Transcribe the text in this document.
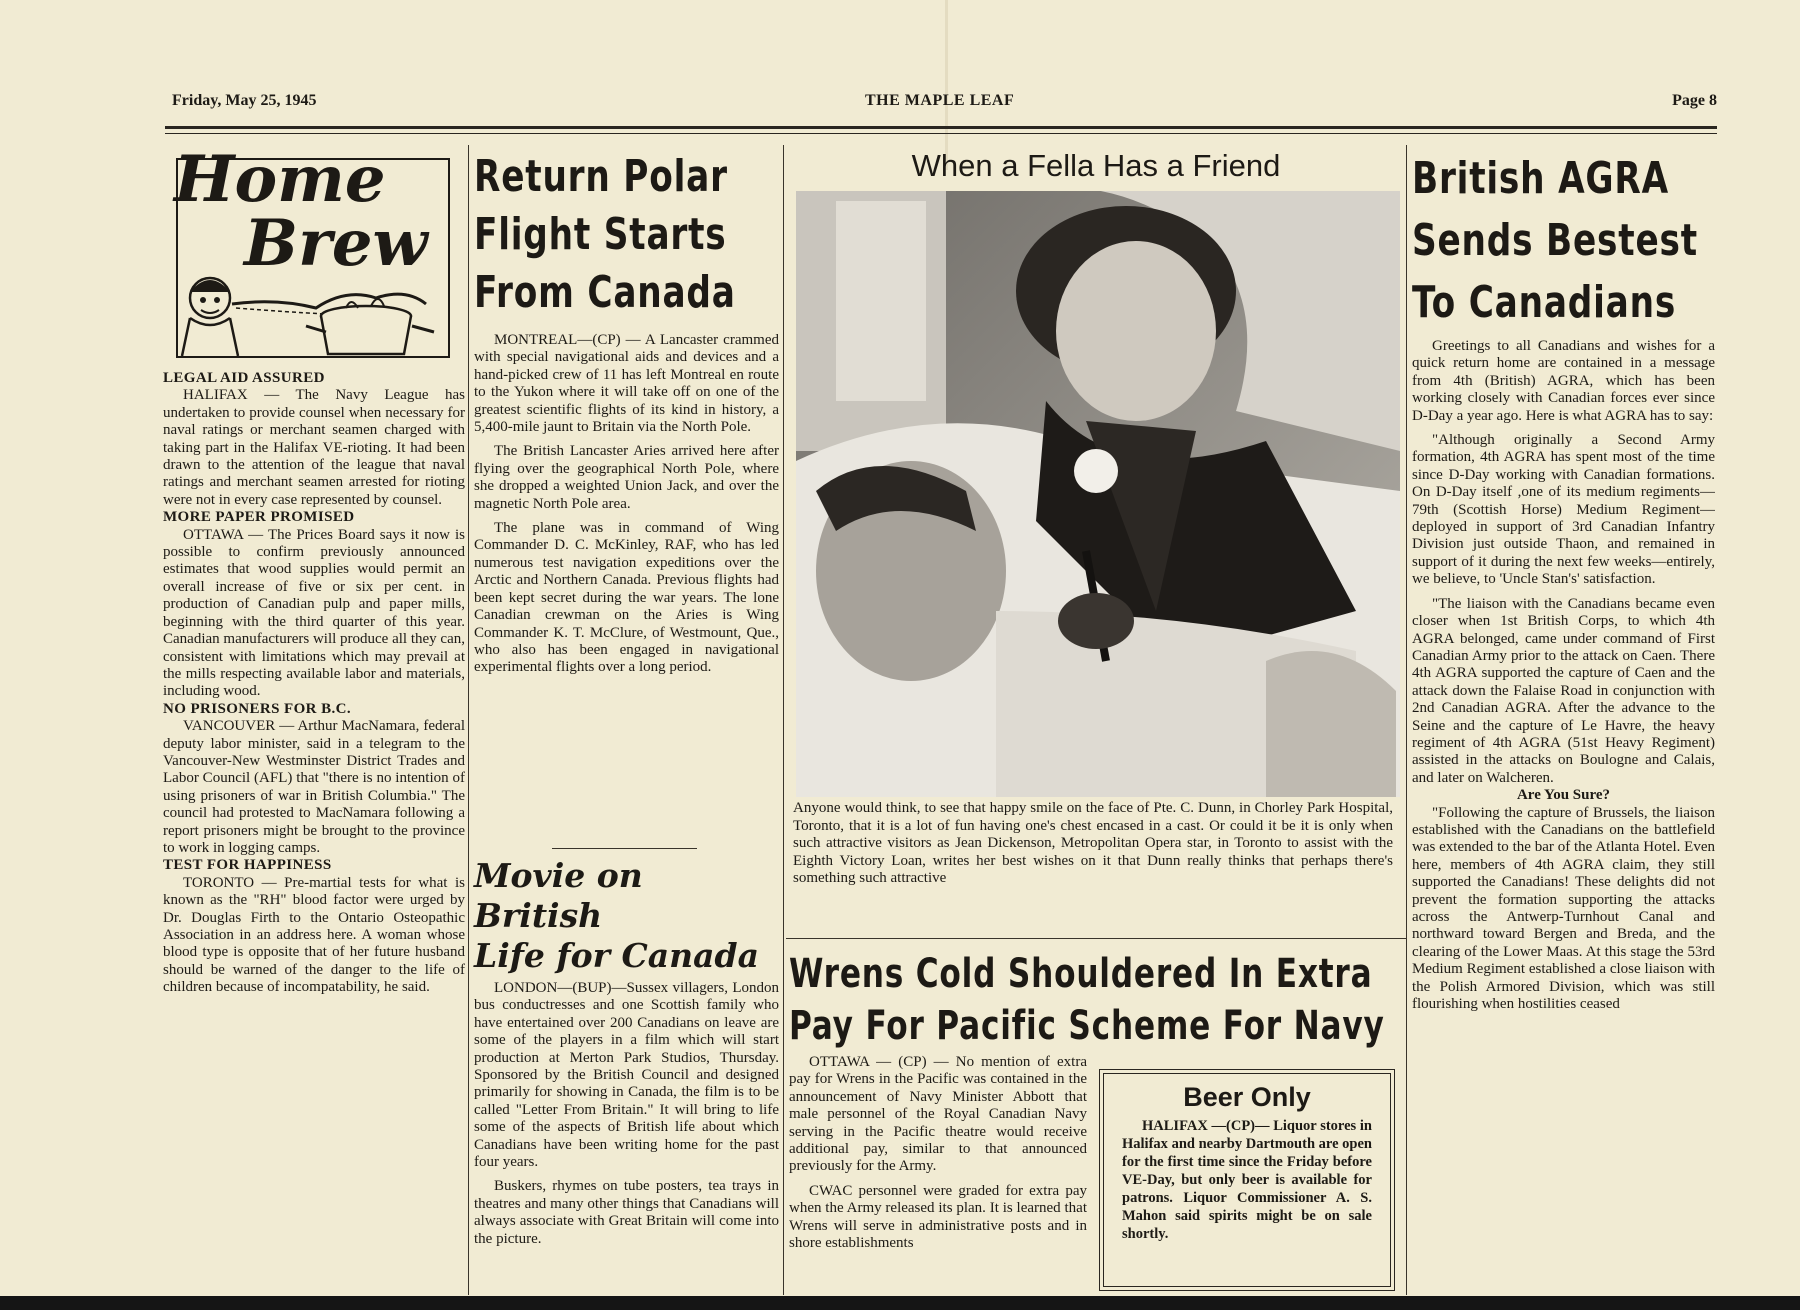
Friday, May 25, 1945	THE MAPLE LEAF	Page 8
Home
Brew

LEGAL AID ASSURED

HALIFAX — The Navy League has undertaken to provide counsel when necessary for naval ratings or merchant seamen charged with taking part in the Halifax VE-rioting. It had been drawn to the attention of the league that naval ratings and merchant seamen arrested for rioting were not in every case represented by counsel.

MORE PAPER PROMISED

OTTAWA — The Prices Board says it now is possible to confirm previously announced estimates that wood supplies would permit an overall increase of five or six per cent. in production of Canadian pulp and paper mills, beginning with the third quarter of this year. Canadian manufacturers will produce all they can, consistent with limitations which may prevail at the mills respecting available labor and materials, including wood.

NO PRISONERS FOR B.C.

VANCOUVER — Arthur MacNamara, federal deputy labor minister, said in a telegram to the Vancouver-New Westminster District Trades and Labor Council (AFL) that "there is no intention of using prisoners of war in British Columbia." The council had protested to MacNamara following a report prisoners might be brought to the province to work in logging camps.

TEST FOR HAPPINESS

TORONTO — Pre-martial tests for what is known as the "RH" blood factor were urged by Dr. Douglas Firth to the Ontario Osteopathic Association in an address here. A woman whose blood type is opposite that of her future husband should be warned of the danger to the life of children because of incompatability, he said.

Return Polar
Flight Starts
From Canada

MONTREAL—(CP) — A Lancaster crammed with special navigational aids and devices and a hand-picked crew of 11 has left Montreal en route to the Yukon where it will take off on one of the greatest scientific flights of its kind in history, a 5,400-mile jaunt to Britain via the North Pole.

The British Lancaster Aries arrived here after flying over the geographical North Pole, where she dropped a weighted Union Jack, and over the magnetic North Pole area.

The plane was in command of Wing Commander D. C. McKinley, RAF, who has led numerous test navigation expeditions over the Arctic and Northern Canada. Previous flights had been kept secret during the war years. The lone Canadian crewman on the Aries is Wing Commander K. T. McClure, of Westmount, Que., who also has been engaged in navigational experimental flights over a long period.

Movie on British
Life for Canada

LONDON—(BUP)—Sussex villagers, London bus conductresses and one Scottish family who have entertained over 200 Canadians on leave are some of the players in a film which will start production at Merton Park Studios, Thursday. Sponsored by the British Council and designed primarily for showing in Canada, the film is to be called "Letter From Britain." It will bring to life some of the aspects of British life about which Canadians have been writing home for the past four years.

Buskers, rhymes on tube posters, tea trays in theatres and many other things that Canadians will always associate with Great Britain will come into the picture.

When a Fella Has a Friend
Anyone would think, to see that happy smile on the face of Pte. C. Dunn, in Chorley Park Hospital, Toronto, that it is a lot of fun having one's chest encased in a cast. Or could it be it is only when such attractive visitors as Jean Dickenson, Metropolitan Opera star, in Toronto to assist with the Eighth Victory Loan, writes her best wishes on it that Dunn really thinks that perhaps there's something such attractive
Wrens Cold Shouldered In Extra
Pay For Pacific Scheme For Navy

OTTAWA — (CP) — No mention of extra pay for Wrens in the Pacific was contained in the announcement of Navy Minister Abbott that male personnel of the Royal Canadian Navy serving in the Pacific theatre would receive additional pay, similar to that announced previously for the Army.

CWAC personnel were graded for extra pay when the Army released its plan. It is learned that Wrens will serve in administrative posts and in shore establishments

Beer Only

HALIFAX —(CP)— Liquor stores in Halifax and nearby Dartmouth are open for the first time since the Friday before VE-Day, but only beer is available for patrons. Liquor Commissioner A. S. Mahon said spirits might be on sale shortly.

British AGRA
Sends Bestest
To Canadians

Greetings to all Canadians and wishes for a quick return home are contained in a message from 4th (British) AGRA, which has been working closely with Canadian forces ever since D-Day a year ago. Here is what AGRA has to say:

"Although originally a Second Army formation, 4th AGRA has spent most of the time since D-Day working with Canadian formations. On D-Day itself ,one of its medium regiments—79th (Scottish Horse) Medium Regiment—deployed in support of 3rd Canadian Infantry Division just outside Thaon, and remained in support of it during the next few weeks—entirely, we believe, to 'Uncle Stan's' satisfaction.

"The liaison with the Canadians became even closer when 1st British Corps, to which 4th AGRA belonged, came under command of First Canadian Army prior to the attack on Caen. There 4th AGRA supported the capture of Caen and the attack down the Falaise Road in conjunction with 2nd Canadian AGRA. After the advance to the Seine and the capture of Le Havre, the heavy regiment of 4th AGRA (51st Heavy Regiment) assisted in the attacks on Boulogne and Calais, and later on Walcheren.

Are You Sure?

"Following the capture of Brussels, the liaison established with the Canadians on the battlefield was extended to the bar of the Atlanta Hotel. Even here, members of 4th AGRA claim, they still supported the Canadians! These delights did not prevent the formation supporting the attacks across the Antwerp-Turnhout Canal and northward toward Bergen and Breda, and the clearing of the Lower Maas. At this stage the 53rd Medium Regiment established a close liaison with the Polish Armored Division, which was still flourishing when hostilities ceased
